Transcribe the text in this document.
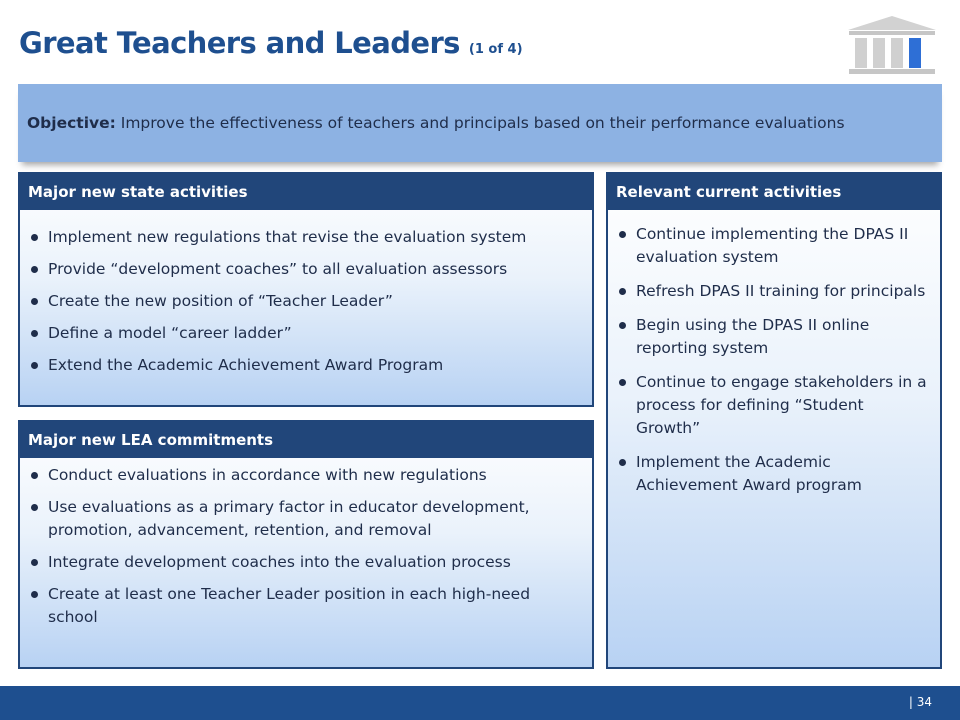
Great Teachers and Leaders (1 of 4)
Objective: Improve the effectiveness of teachers and principals based on their performance evaluations
Major new state activities
Implement new regulations that revise the evaluation system
Provide “development coaches” to all evaluation assessors
Create the new position of “Teacher Leader”
Define a model “career ladder”
Extend the Academic Achievement Award Program
Major new LEA commitments
Conduct evaluations in accordance with new regulations
Use evaluations as a primary factor in educator development, promotion, advancement, retention, and removal
Integrate development coaches into the evaluation process
Create at least one Teacher Leader position in each high-need school
Relevant current activities
Continue implementing the DPAS II evaluation system
Refresh DPAS II training for principals
Begin using the DPAS II online reporting system
Continue to engage stakeholders in a process for defining “Student Growth”
Implement the Academic Achievement Award program
| 34
